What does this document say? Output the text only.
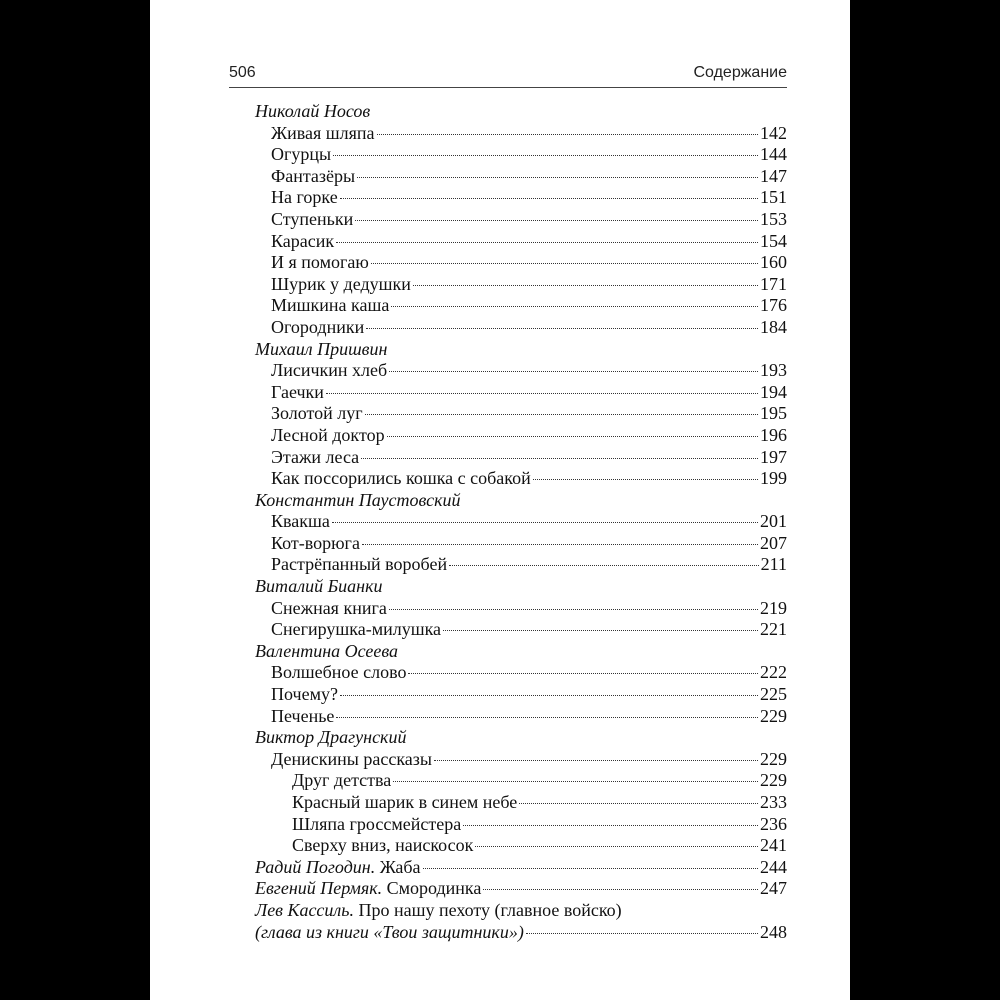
506	Содержание
Николай Носов
Живая шляпа	142
Огурцы	144
Фантазёры	147
На горке	151
Ступеньки	153
Карасик	154
И я помогаю	160
Шурик у дедушки	171
Мишкина каша	176
Огородники	184
Михаил Пришвин
Лисичкин хлеб	193
Гаечки	194
Золотой луг	195
Лесной доктор	196
Этажи леса	197
Как поссорились кошка с собакой	199
Константин Паустовский
Квакша	201
Кот-ворюга	207
Растрёпанный воробей	211
Виталий Бианки
Снежная книга	219
Снегирушка-милушка	221
Валентина Осеева
Волшебное слово	222
Почему?	225
Печенье	229
Виктор Драгунский
Денискины рассказы	229
Друг детства	229
Красный шарик в синем небе	233
Шляпа гроссмейстера	236
Сверху вниз, наискосок	241
Радий Погодин. Жаба	244
Евгений Пермяк. Смородинка	247
Лев Кассиль. Про нашу пехоту (главное войско)
(глава из книги «Твои защитники»)	248
